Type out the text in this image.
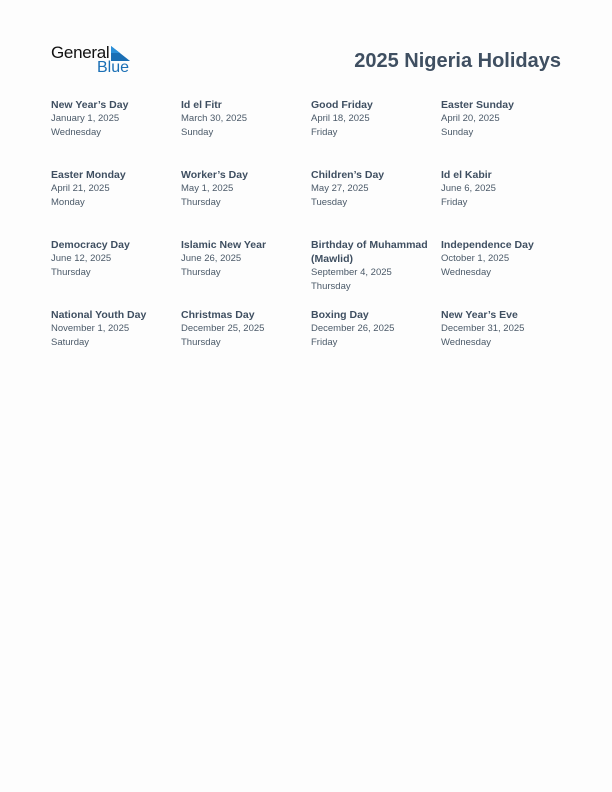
General
Blue	2025 Nigeria Holidays
New Year’s Day
January 1, 2025
Wednesday
Id el Fitr
March 30, 2025
Sunday
Good Friday
April 18, 2025
Friday
Easter Sunday
April 20, 2025
Sunday
Easter Monday
April 21, 2025
Monday
Worker’s Day
May 1, 2025
Thursday
Children’s Day
May 27, 2025
Tuesday
Id el Kabir
June 6, 2025
Friday
Democracy Day
June 12, 2025
Thursday
Islamic New Year
June 26, 2025
Thursday
Birthday of Muhammad (Mawlid)
September 4, 2025
Thursday
Independence Day
October 1, 2025
Wednesday
National Youth Day
November 1, 2025
Saturday
Christmas Day
December 25, 2025
Thursday
Boxing Day
December 26, 2025
Friday
New Year’s Eve
December 31, 2025
Wednesday
